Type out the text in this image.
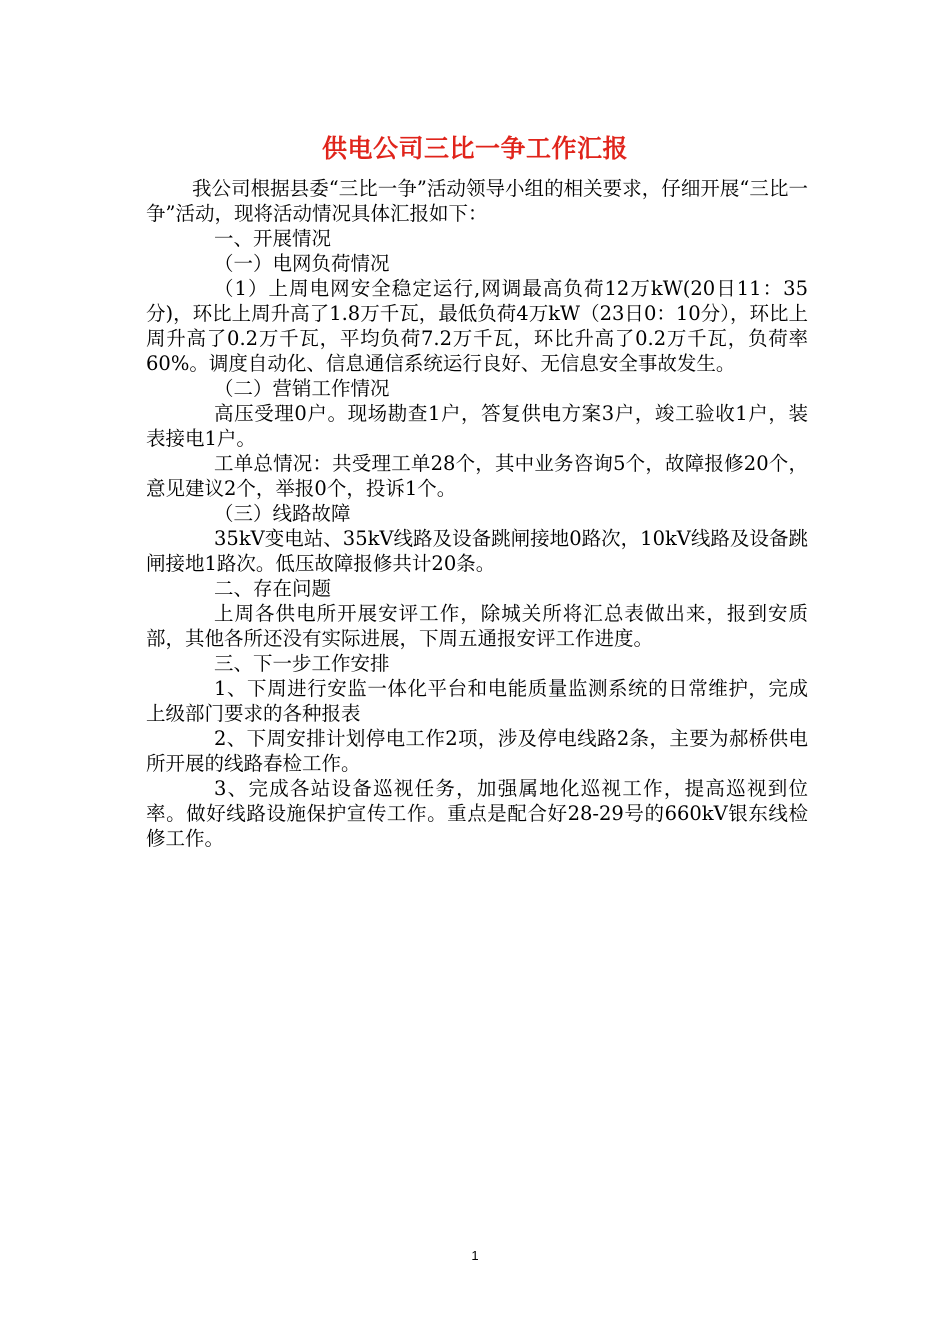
供电公司三比一争工作汇报

我公司根据县委“三比一争”活动领导小组的相关要求，仔细开展“三比一争”活动，现将活动情况具体汇报如下：

一、开展情况

（一）电网负荷情况

（1）上周电网安全稳定运行,网调最高负荷12万kW(20日11：35分)，环比上周升高了1.8万千瓦，最低负荷4万kW（23日0：10分），环比上周升高了0.2万千瓦，平均负荷7.2万千瓦，环比升高了0.2万千瓦，负荷率60%。调度自动化、信息通信系统运行良好、无信息安全事故发生。

（二）营销工作情况

高压受理0户。现场勘查1户，答复供电方案3户，竣工验收1户，装表接电1户。

工单总情况：共受理工单28个，其中业务咨询5个，故障报修20个，意见建议2个，举报0个，投诉1个。

（三）线路故障

35kV变电站、35kV线路及设备跳闸接地0路次，10kV线路及设备跳闸接地1路次。低压故障报修共计20条。

二、存在问题

上周各供电所开展安评工作，除城关所将汇总表做出来，报到安质部，其他各所还没有实际进展，下周五通报安评工作进度。

三、下一步工作安排

1、下周进行安监一体化平台和电能质量监测系统的日常维护，完成上级部门要求的各种报表

2、下周安排计划停电工作2项，涉及停电线路2条，主要为郝桥供电所开展的线路春检工作。

3、完成各站设备巡视任务，加强属地化巡视工作，提高巡视到位率。做好线路设施保护宣传工作。重点是配合好28-29号的660kV银东线检修工作。

1
